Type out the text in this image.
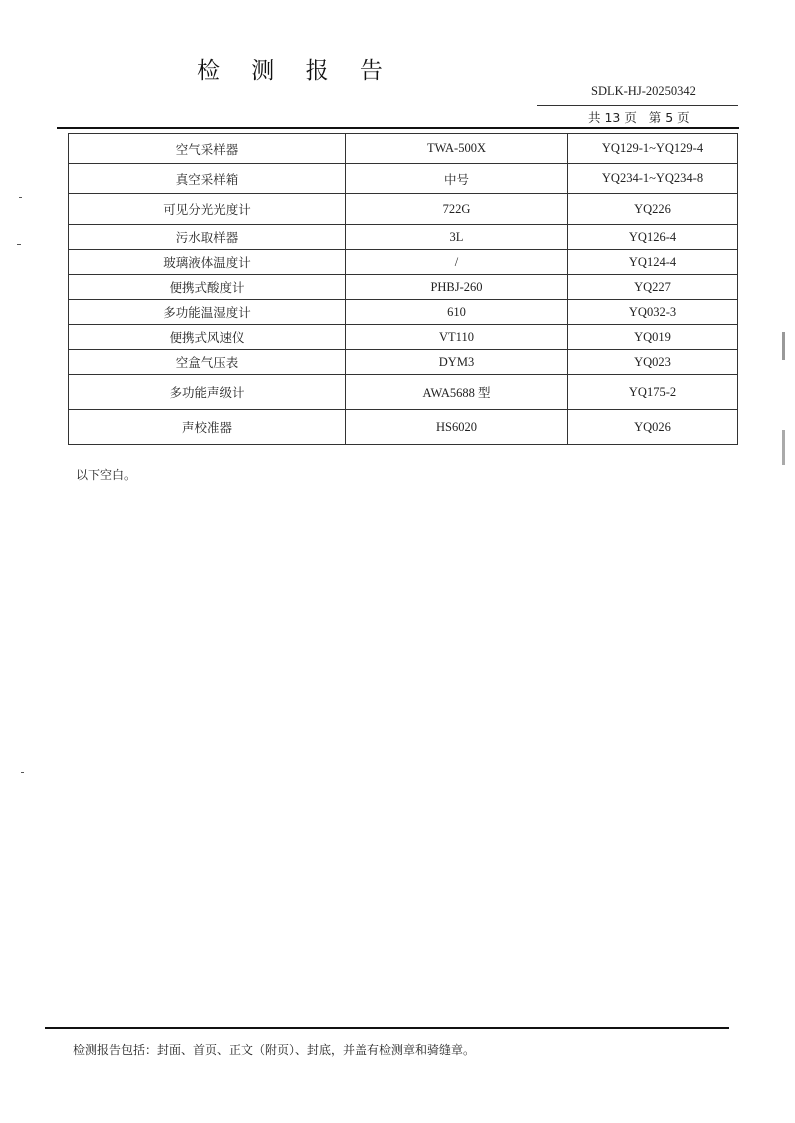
检 测 报 告
SDLK-HJ-20250342
共 13 页   第 5 页
空气采样器	TWA-500X	YQ129-1~YQ129-4
真空采样箱	中号	YQ234-1~YQ234-8
可见分光光度计	722G	YQ226
污水取样器	3L	YQ126-4
玻璃液体温度计	/	YQ124-4
便携式酸度计	PHBJ-260	YQ227
多功能温湿度计	610	YQ032-3
便携式风速仪	VT110	YQ019
空盒气压表	DYM3	YQ023
多功能声级计	AWA5688 型	YQ175-2
声校准器	HS6020	YQ026
以下空白。
检测报告包括：封面、首页、正文（附页）、封底，并盖有检测章和骑缝章。
